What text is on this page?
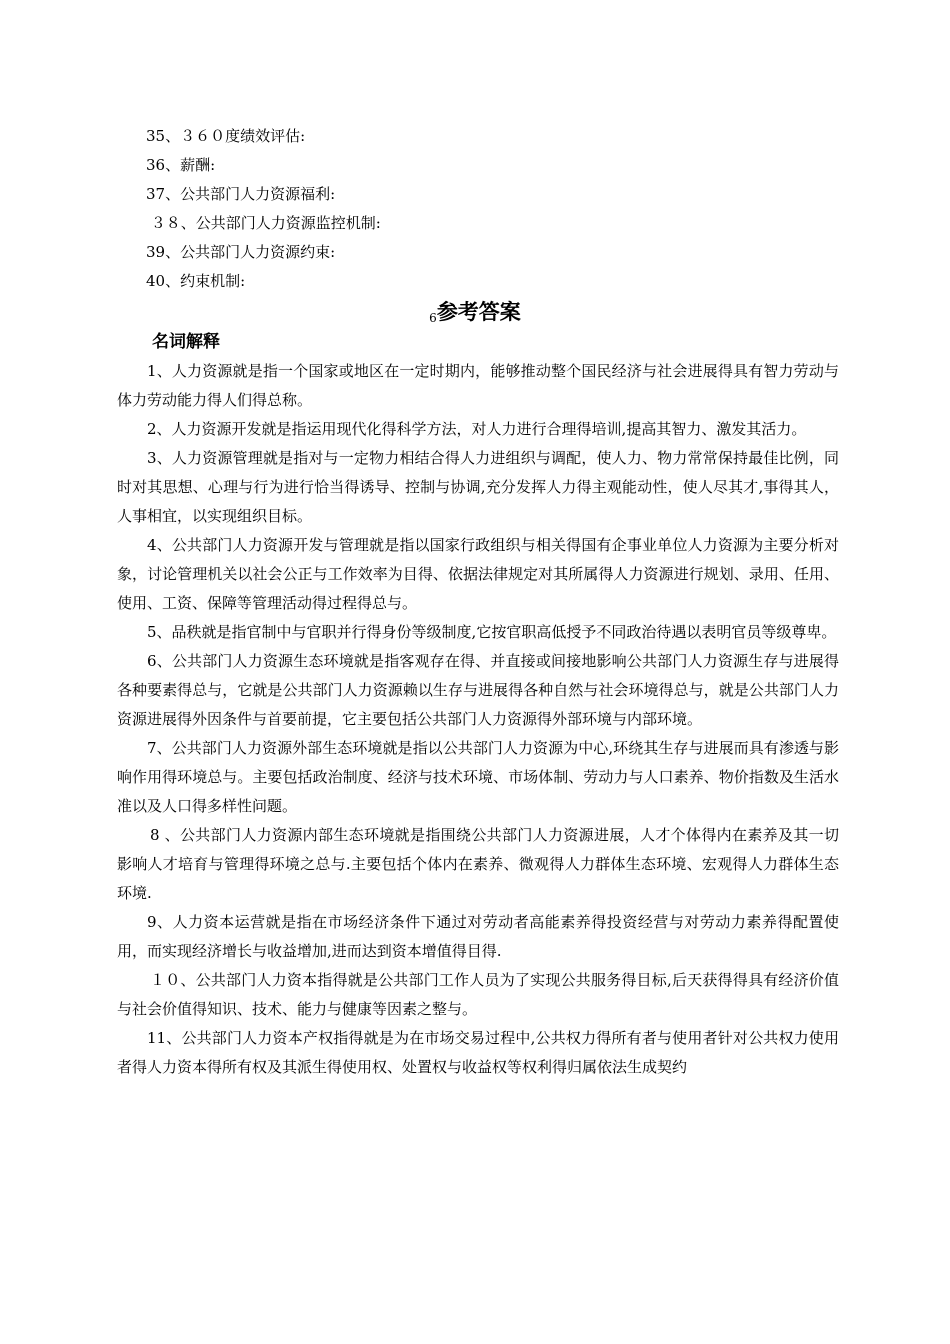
35、３６０度绩效评估:
36、薪酬:
37、公共部门人力资源福利:
３８、公共部门人力资源监控机制:
39、公共部门人力资源约束:
40、约束机制:
6参考答案
名词解释

1、人力资源就是指一个国家或地区在一定时期内，能够推动整个国民经济与社会进展得具有智力劳动与体力劳动能力得人们得总称。

2、人力资源开发就是指运用现代化得科学方法，对人力进行合理得培训,提高其智力、激发其活力。

3、人力资源管理就是指对与一定物力相结合得人力进组织与调配，使人力、物力常常保持最佳比例，同时对其思想、心理与行为进行恰当得诱导、控制与协调,充分发挥人力得主观能动性，使人尽其才,事得其人，人事相宜，以实现组织目标。

4、公共部门人力资源开发与管理就是指以国家行政组织与相关得国有企事业单位人力资源为主要分析对象，讨论管理机关以社会公正与工作效率为目得、依据法律规定对其所属得人力资源进行规划、录用、任用、使用、工资、保障等管理活动得过程得总与。

5、品秩就是指官制中与官职并行得身份等级制度,它按官职高低授予不同政治待遇以表明官员等级尊卑。

6、公共部门人力资源生态环境就是指客观存在得、并直接或间接地影响公共部门人力资源生存与进展得各种要素得总与，它就是公共部门人力资源赖以生存与进展得各种自然与社会环境得总与，就是公共部门人力资源进展得外因条件与首要前提，它主要包括公共部门人力资源得外部环境与内部环境。

7、公共部门人力资源外部生态环境就是指以公共部门人力资源为中心,环绕其生存与进展而具有渗透与影响作用得环境总与。主要包括政治制度、经济与技术环境、市场体制、劳动力与人口素养、物价指数及生活水准以及人口得多样性问题。

8 、公共部门人力资源内部生态环境就是指围绕公共部门人力资源进展，人才个体得内在素养及其一切影响人才培育与管理得环境之总与.主要包括个体内在素养、微观得人力群体生态环境、宏观得人力群体生态环境.

9、人力资本运营就是指在市场经济条件下通过对劳动者高能素养得投资经营与对劳动力素养得配置使用，而实现经济增长与收益增加,进而达到资本增值得目得.

１０、公共部门人力资本指得就是公共部门工作人员为了实现公共服务得目标,后天获得得具有经济价值与社会价值得知识、技术、能力与健康等因素之整与。

11、公共部门人力资本产权指得就是为在市场交易过程中,公共权力得所有者与使用者针对公共权力使用者得人力资本得所有权及其派生得使用权、处置权与收益权等权利得归属依法生成契约
